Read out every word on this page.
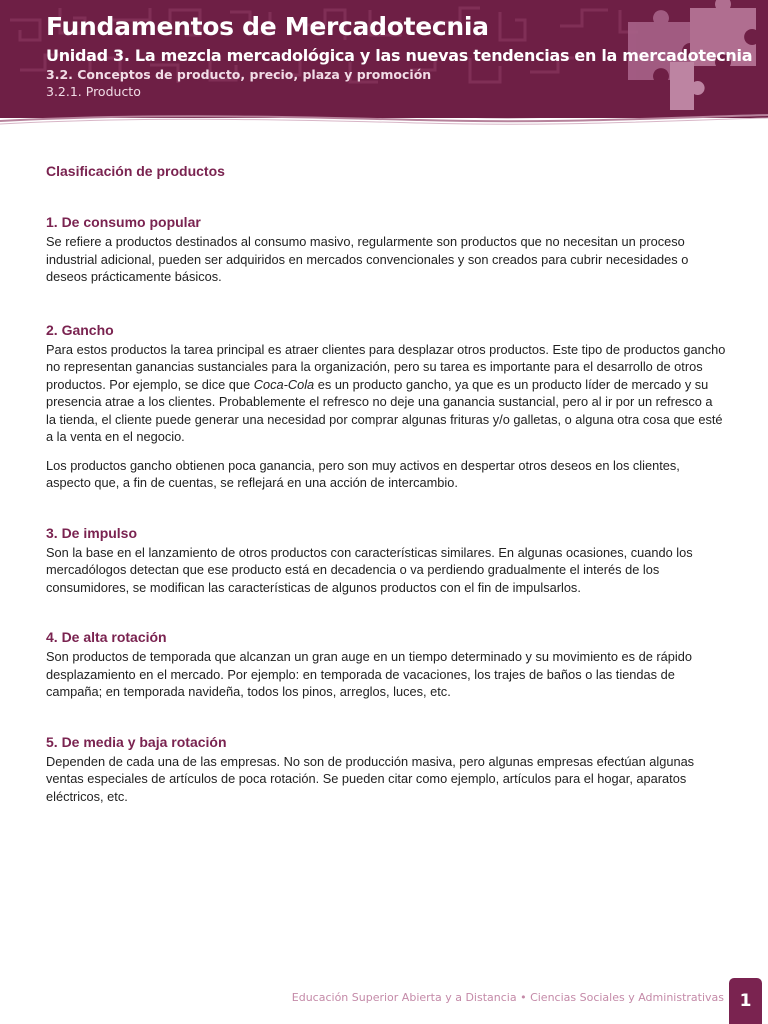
Fundamentos de Mercadotecnia
Unidad 3. La mezcla mercadológica y las nuevas tendencias en la mercadotecnia
3.2. Conceptos de producto, precio, plaza y promoción
3.2.1. Producto
Clasificación de productos
1. De consumo popular

Se refiere a productos destinados al consumo masivo, regularmente son productos que no necesitan un proceso industrial adicional, pueden ser adquiridos en mercados convencionales y son creados para cubrir necesidades o deseos prácticamente básicos.

2. Gancho

Para estos productos la tarea principal es atraer clientes para desplazar otros productos. Este tipo de productos gancho no representan ganancias sustanciales para la organización, pero su tarea es importante para el desarrollo de otros productos. Por ejemplo, se dice que Coca-Cola es un producto gancho, ya que es un producto líder de mercado y su presencia atrae a los clientes. Probablemente el refresco no deje una ganancia sustancial, pero al ir por un refresco a la tienda, el cliente puede generar una necesidad por comprar algunas frituras y/o galletas, o alguna otra cosa que esté a la venta en el negocio.

Los productos gancho obtienen poca ganancia, pero son muy activos en despertar otros deseos en los clientes, aspecto que, a fin de cuentas, se reflejará en una acción de intercambio.

3. De impulso

Son la base en el lanzamiento de otros productos con características similares. En algunas ocasiones, cuando los mercadólogos detectan que ese producto está en decadencia o va perdiendo gradualmente el interés de los consumidores, se modifican las características de algunos productos con el fin de impulsarlos.

4. De alta rotación

Son productos de temporada que alcanzan un gran auge en un tiempo determinado y su movimiento es de rápido desplazamiento en el mercado. Por ejemplo: en temporada de vacaciones, los trajes de baños o las tiendas de campaña; en temporada navideña, todos los pinos, arreglos, luces, etc.

5. De media y baja rotación

Dependen de cada una de las empresas. No son de producción masiva, pero algunas empresas efectúan algunas ventas especiales de artículos de poca rotación. Se pueden citar como ejemplo, artículos para el hogar, aparatos eléctricos, etc.

Educación Superior Abierta y a Distancia • Ciencias Sociales y Administrativas 1
